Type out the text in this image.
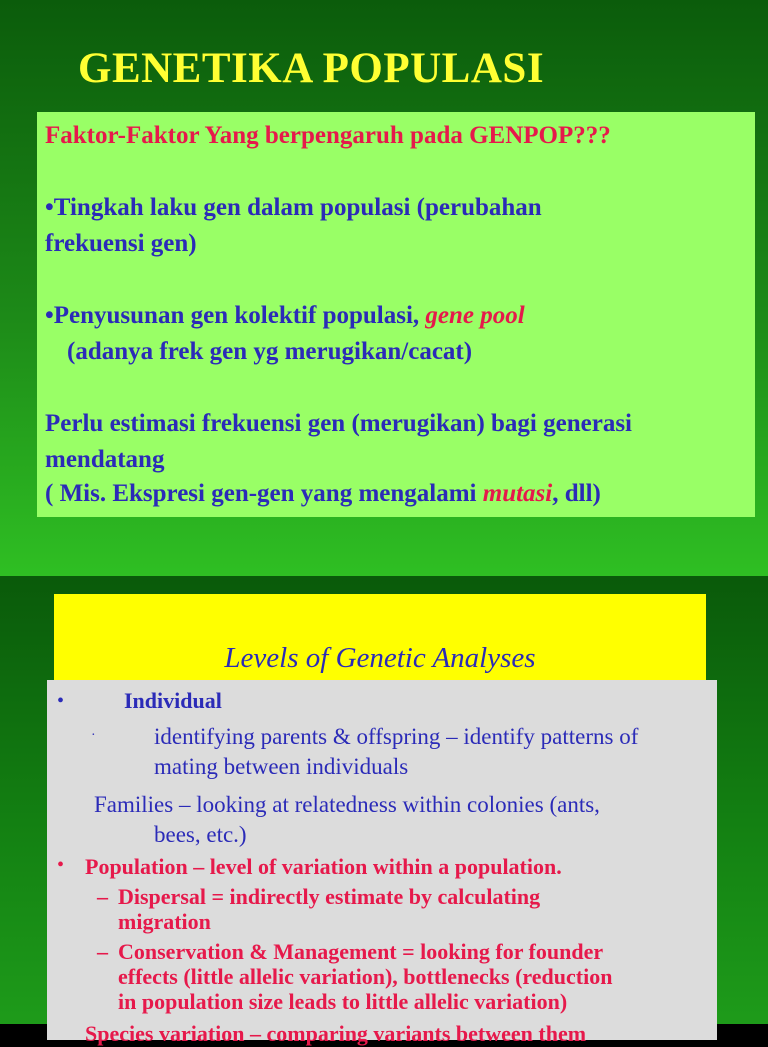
GENETIKA POPULASI
Faktor-Faktor Yang berpengaruh pada GENPOP???
•Tingkah laku gen dalam populasi (perubahan
frekuensi gen)
•Penyusunan gen kolektif populasi, gene pool
(adanya frek gen yg merugikan/cacat)
Perlu estimasi frekuensi gen (merugikan) bagi generasi
mendatang
( Mis. Ekspresi gen-gen yang mengalami mutasi, dll)
Levels of Genetic Analyses
•	Individual
·	identifying parents & offspring – identify patterns of
mating between individuals
Families – looking at relatedness within colonies (ants,
bees, etc.)
• Population – level of variation within a population.
– Dispersal = indirectly estimate by calculating
migration
– Conservation & Management = looking for founder
effects (little allelic variation), bottlenecks (reduction
in population size leads to little allelic variation)
Species variation – comparing variants between them
